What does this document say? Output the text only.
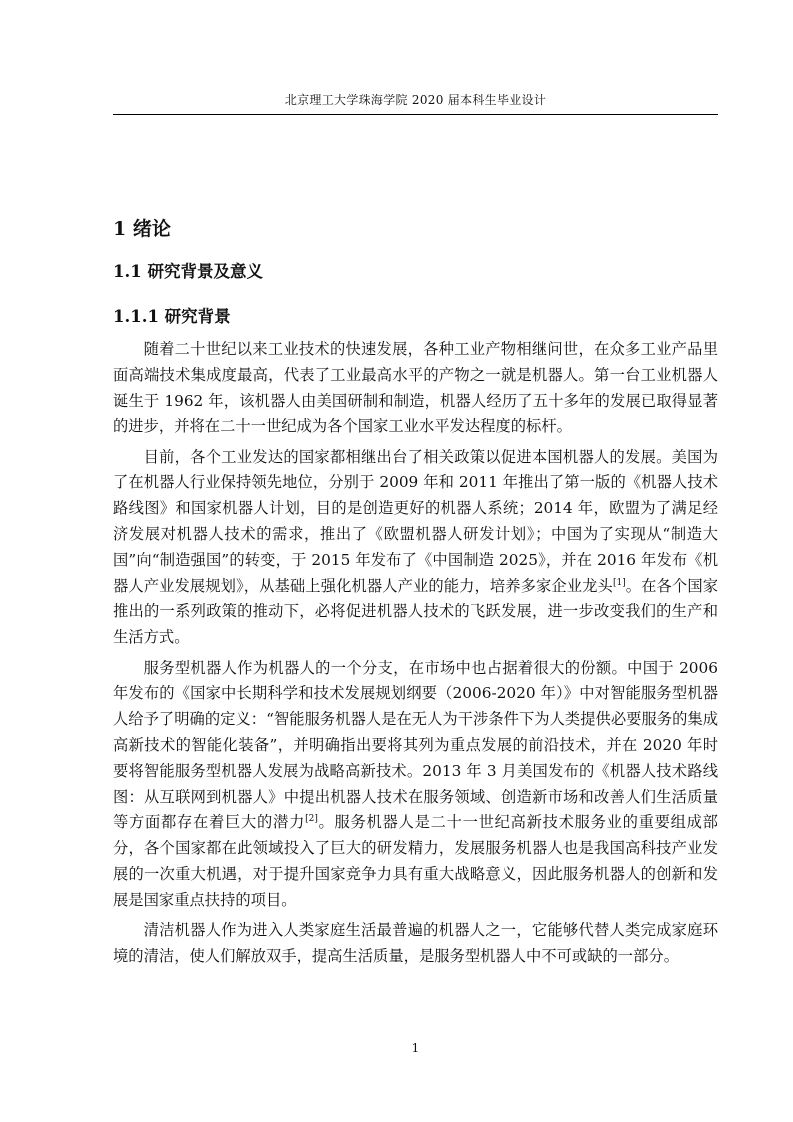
北京理工大学珠海学院 2020 届本科生毕业设计
1 绪论
1.1 研究背景及意义
1.1.1 研究背景

随着二十世纪以来工业技术的快速发展，各种工业产物相继问世，在众多工业产品里面高端技术集成度最高，代表了工业最高水平的产物之一就是机器人。第一台工业机器人诞生于 1962 年，该机器人由美国研制和制造，机器人经历了五十多年的发展已取得显著的进步，并将在二十一世纪成为各个国家工业水平发达程度的标杆。

目前，各个工业发达的国家都相继出台了相关政策以促进本国机器人的发展。美国为了在机器人行业保持领先地位，分别于 2009 年和 2011 年推出了第一版的《机器人技术路线图》和国家机器人计划，目的是创造更好的机器人系统；2014 年，欧盟为了满足经济发展对机器人技术的需求，推出了《欧盟机器人研发计划》；中国为了实现从“制造大国”向“制造强国”的转变，于 2015 年发布了《中国制造 2025》，并在 2016 年发布《机器人产业发展规划》，从基础上强化机器人产业的能力，培养多家企业龙头[1]。在各个国家推出的一系列政策的推动下，必将促进机器人技术的飞跃发展，进一步改变我们的生产和生活方式。

服务型机器人作为机器人的一个分支，在市场中也占据着很大的份额。中国于 2006 年发布的《国家中长期科学和技术发展规划纲要（2006-2020 年）》中对智能服务型机器人给予了明确的定义：“智能服务机器人是在无人为干涉条件下为人类提供必要服务的集成高新技术的智能化装备”，并明确指出要将其列为重点发展的前沿技术，并在 2020 年时要将智能服务型机器人发展为战略高新技术。2013 年 3 月美国发布的《机器人技术路线图：从互联网到机器人》中提出机器人技术在服务领域、创造新市场和改善人们生活质量等方面都存在着巨大的潜力[2]。服务机器人是二十一世纪高新技术服务业的重要组成部分，各个国家都在此领域投入了巨大的研发精力，发展服务机器人也是我国高科技产业发展的一次重大机遇，对于提升国家竞争力具有重大战略意义，因此服务机器人的创新和发展是国家重点扶持的项目。

清洁机器人作为进入人类家庭生活最普遍的机器人之一，它能够代替人类完成家庭环境的清洁，使人们解放双手，提高生活质量，是服务型机器人中不可或缺的一部分。

1
